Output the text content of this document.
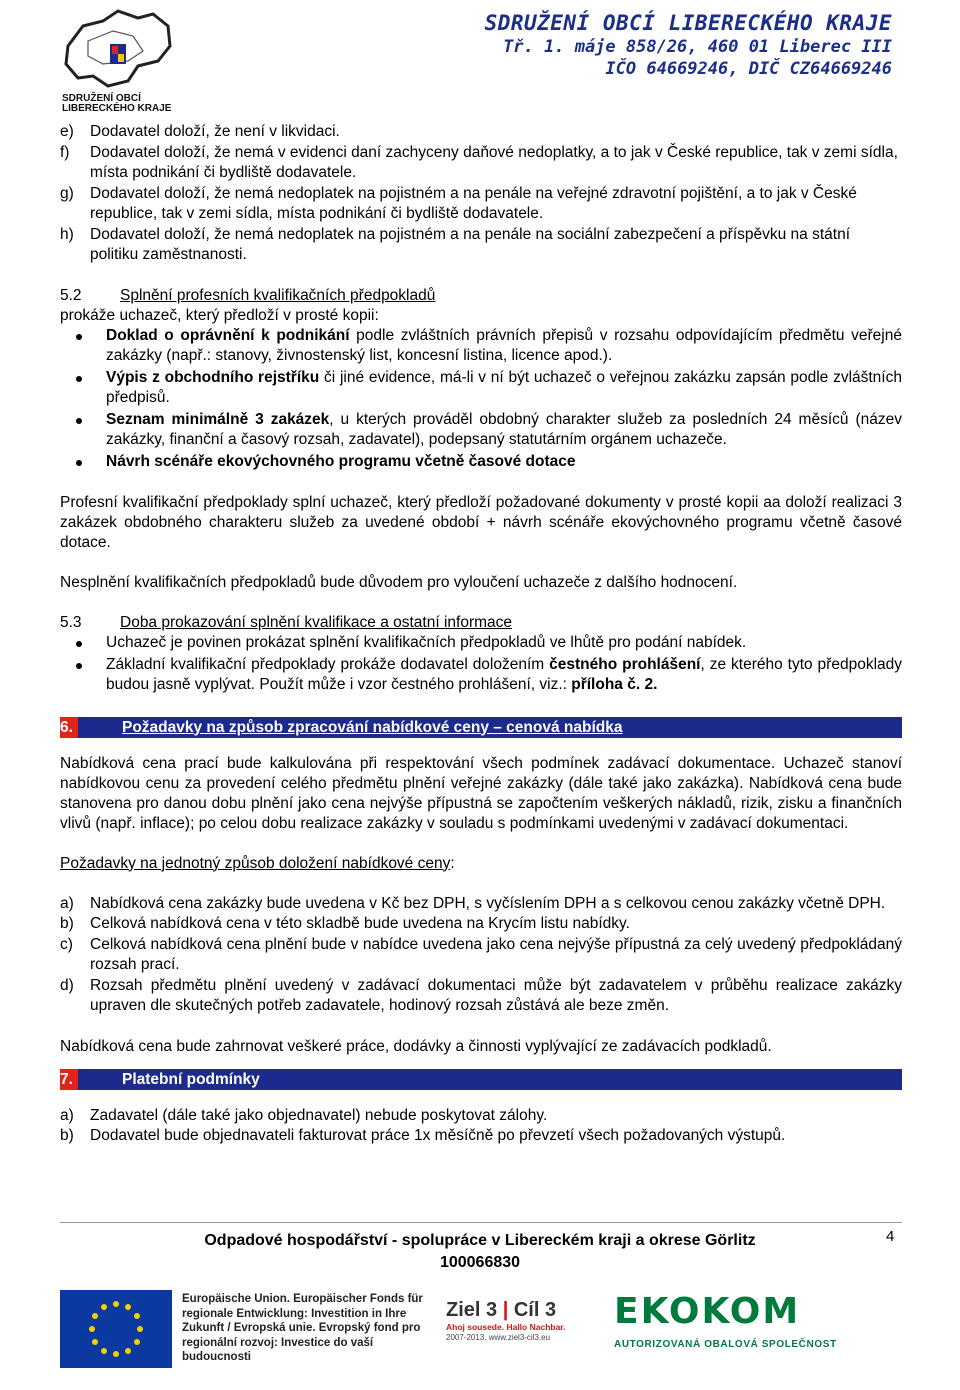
SDRUŽENÍ OBCÍ
LIBERECKÉHO KRAJE
SDRUŽENÍ OBCÍ LIBERECKÉHO KRAJE
Tř. 1. máje 858/26, 460 01 Liberec III
IČO 64669246, DIČ CZ64669246
e) Dodavatel doloží, že není v likvidaci.
f) Dodavatel doloží, že nemá v evidenci daní zachyceny daňové nedoplatky, a to jak v České republice, tak v zemi sídla, místa podnikání či bydliště dodavatele.
g) Dodavatel doloží, že nemá nedoplatek na pojistném a na penále na veřejné zdravotní pojištění, a to jak v České republice, tak v zemi sídla, místa podnikání či bydliště dodavatele.
h) Dodavatel doloží, že nemá nedoplatek na pojistném a na penále na sociální zabezpečení a příspěvku na státní politiku zaměstnanosti.
5.2 Splnění profesních kvalifikačních předpokladů
prokáže uchazeč, který předloží v prosté kopii:
Doklad o oprávnění k podnikání podle zvláštních právních přepisů v rozsahu odpovídajícím předmětu veřejné zakázky (např.: stanovy, živnostenský list, koncesní listina, licence apod.).
Výpis z obchodního rejstříku či jiné evidence, má-li v ní být uchazeč o veřejnou zakázku zapsán podle zvláštních předpisů.
Seznam minimálně 3 zakázek, u kterých prováděl obdobný charakter služeb za posledních 24 měsíců (název zakázky, finanční a časový rozsah, zadavatel), podepsaný statutárním orgánem uchazeče.
Návrh scénáře ekovýchovného programu včetně časové dotace
Profesní kvalifikační předpoklady splní uchazeč, který předloží požadované dokumenty v prosté kopii aa doloží realizaci 3 zakázek obdobného charakteru služeb za uvedené období + návrh scénáře ekovýchovného programu včetně časové dotace.
Nesplnění kvalifikačních předpokladů bude důvodem pro vyloučení uchazeče z dalšího hodnocení.
5.3 Doba prokazování splnění kvalifikace a ostatní informace
Uchazeč je povinen prokázat splnění kvalifikačních předpokladů ve lhůtě pro podání nabídek.
Základní kvalifikační předpoklady prokáže dodavatel doložením čestného prohlášení, ze kterého tyto předpoklady budou jasně vyplývat. Použít může i vzor čestného prohlášení, viz.: příloha č. 2.
6.	Požadavky na způsob zpracování nabídkové ceny – cenová nabídka
Nabídková cena prací bude kalkulována při respektování všech podmínek zadávací dokumentace. Uchazeč stanoví nabídkovou cenu za provedení celého předmětu plnění veřejné zakázky (dále také jako zakázka). Nabídková cena bude stanovena pro danou dobu plnění jako cena nejvýše přípustná se započtením veškerých nákladů, rizik, zisku a finančních vlivů (např. inflace); po celou dobu realizace zakázky v souladu s podmínkami uvedenými v zadávací dokumentaci.
Požadavky na jednotný způsob doložení nabídkové ceny:
a) Nabídková cena zakázky bude uvedena v Kč bez DPH, s vyčíslením DPH a s celkovou cenou zakázky včetně DPH.
b) Celková nabídková cena v této skladbě bude uvedena na Krycím listu nabídky.
c) Celková nabídková cena plnění bude v nabídce uvedena jako cena nejvýše přípustná za celý uvedený předpokládaný rozsah prací.
d) Rozsah předmětu plnění uvedený v zadávací dokumentaci může být zadavatelem v průběhu realizace zakázky upraven dle skutečných potřeb zadavatele, hodinový rozsah zůstává ale beze změn.
Nabídková cena bude zahrnovat veškeré práce, dodávky a činnosti vyplývající ze zadávacích podkladů.
7.	Platební podmínky
a) Zadavatel (dále také jako objednavatel) nebude poskytovat zálohy.
b) Dodavatel bude objednavateli fakturovat práce 1x měsíčně po převzetí všech požadovaných výstupů.
Odpadové hospodářství - spolupráce v Libereckém kraji a okrese Görlitz
100066830
4
Europäische Union. Europäischer Fonds für
regionale Entwicklung: Investition in Ihre
Zukunft / Evropská unie. Evropský fond pro
regionální rozvoj: Investice do vaší budoucnosti
Ziel 3 | Cíl 3
Ahoj sousede. Hallo Nachbar.
2007-2013. www.ziel3-cil3.eu
EKOKOM
AUTORIZOVANÁ OBALOVÁ SPOLEČNOST
